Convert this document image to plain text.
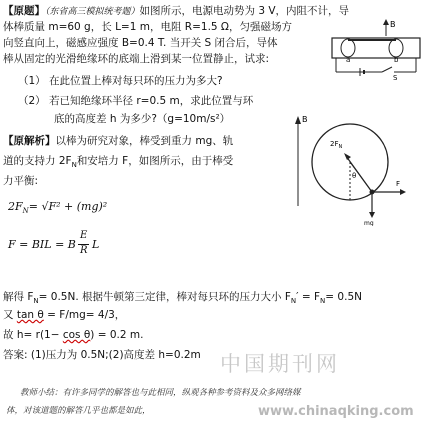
【原题】（东省高三模拟统考题）如图所示，电源电动势为 3 V，内阻不计，导
体棒质量 m=60 g，长 L=1 m，电阻 R=1.5 Ω，匀强磁场方
向竖直向上，磁感应强度 B=0.4 T. 当开关 S 闭合后，导体
棒从固定的光滑绝缘环的底端上滑到某一位置静止，试求:
（1） 在此位置上棒对每只环的压力为多大?
（2） 若已知绝缘环半径 r=0.5 m，求此位置与环
底的高度差 h 为多少?（g=10m/s²）
B
a	b
S
B
θ
$2F_N$
F
mg
【原解析】以棒为研究对象，棒受到重力 mg、轨
道的支持力 $2F_N$和安培力 F，如图所示，由于棒受
力平衡:
$2F_N= √F^2 + (mg)^2$
F = BIL = B
E
R L
解得 $F_N= 0.5N$. 根据牛顿第三定律，棒对每只环的压力大小 $F_N' = F_N= 0.5N$
又 tan θ = F/mg= 4/3，
故 h= r(1− cos θ) = 0.2 m.
答案: (1)压力为 0.5N;(2)高度差 h=0.2m 中国期刊网
www.chinaqking.com
教师小结：有许多同学的解答也与此相同，纵观各种参考资料及众多网络媒
体，对该道题的解答几乎也都是如此，
